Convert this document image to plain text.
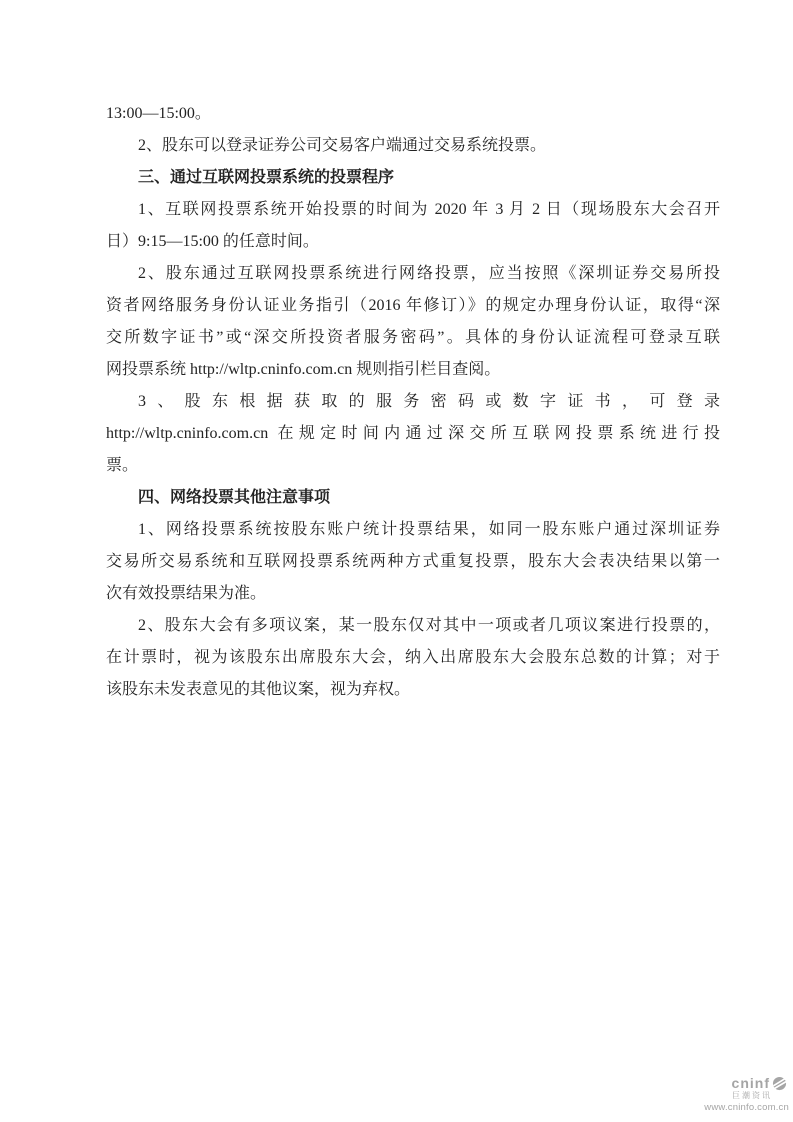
13:00—15:00。
2、股东可以登录证券公司交易客户端通过交易系统投票。
三、通过互联网投票系统的投票程序
1、互联网投票系统开始投票的时间为 2020 年 3 月 2 日（现场股东大会召开
日）9:15—15:00 的任意时间。
2、股东通过互联网投票系统进行网络投票，应当按照《深圳证券交易所投
资者网络服务身份认证业务指引（2016 年修订）》的规定办理身份认证，取得“深
交所数字证书”或“深交所投资者服务密码”。具体的身份认证流程可登录互联
网投票系统 http://wltp.cninfo.com.cn 规则指引栏目查阅。
3、股东根据获取的服务密码或数字证书，可登录
http://wltp.cninfo.com.cn 在规定时间内通过深交所互联网投票系统进行投
票。
四、网络投票其他注意事项
1、网络投票系统按股东账户统计投票结果，如同一股东账户通过深圳证券
交易所交易系统和互联网投票系统两种方式重复投票，股东大会表决结果以第一
次有效投票结果为准。
2、股东大会有多项议案，某一股东仅对其中一项或者几项议案进行投票的，
在计票时，视为该股东出席股东大会，纳入出席股东大会股东总数的计算；对于
该股东未发表意见的其他议案，视为弃权。
cninf
巨潮资讯
www.cninfo.com.cn
